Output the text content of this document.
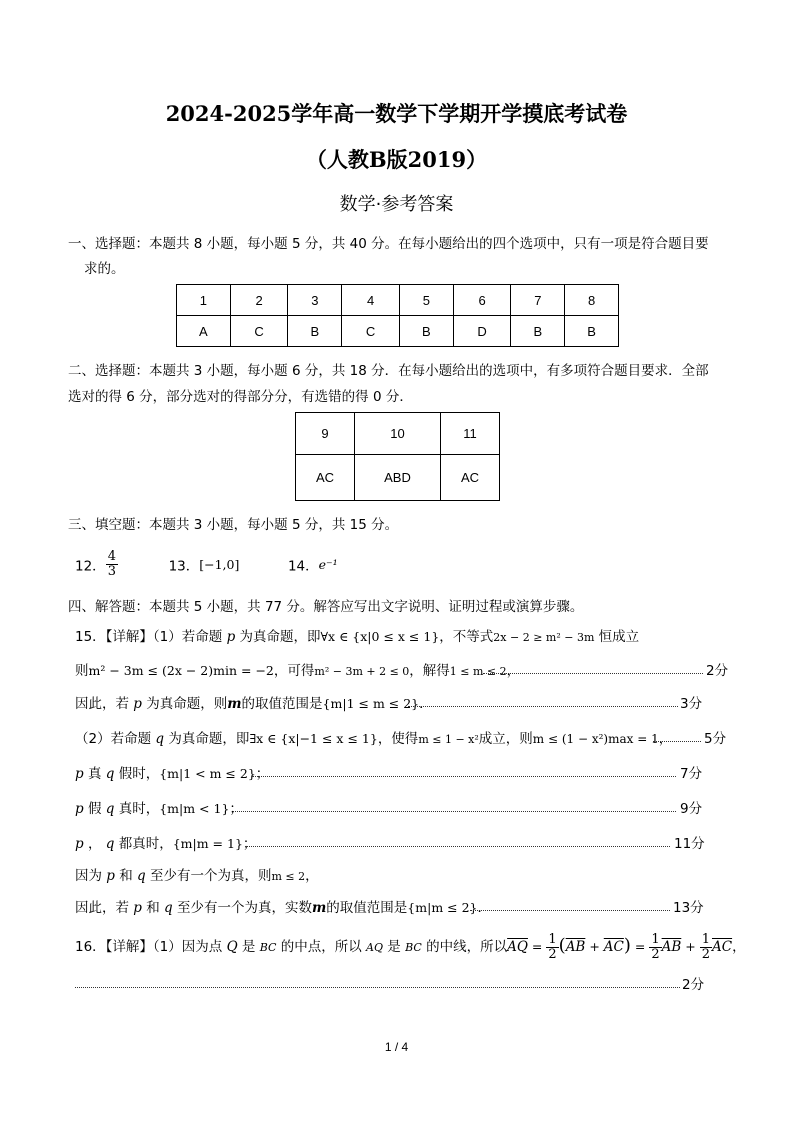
2024-2025学年高一数学下学期开学摸底考试卷
（人教B版2019）
数学·参考答案
一、选择题：本题共 8 小题，每小题 5 分，共 40 分。在每小题给出的四个选项中，只有一项是符合题目要
求的。
1	2	3	4	5	6	7	8
A	C	B	C	B	D	B	B
二、选择题：本题共 3 小题，每小题 6 分，共 18 分．在每小题给出的选项中，有多项符合题目要求．全部
选对的得 6 分，部分选对的得部分分，有选错的得 0 分．
9	10	11
AC	ABD	AC
三、填空题：本题共 3 小题，每小题 5 分，共 15 分。
12． $\frac{4}{3}$	13．[−1,0]	14．e⁻¹
四、解答题：本题共 5 小题，共 77 分。解答应写出文字说明、证明过程或演算步骤。
15．【详解】（1）若命题 p 为真命题，即∀x ∈ {x|0 ≤ x ≤ 1}，不等式2x − 2 ≥ m² − 3m 恒成立
则m² − 3m ≤ (2x − 2)min = −2，可得m² − 3m + 2 ≤ 0，解得1 ≤ m ≤ 2，	2分
因此，若 p 为真命题，则m的取值范围是{m|1 ≤ m ≤ 2}．	3分
（2）若命题 q 为真命题，即∃x ∈ {x|−1 ≤ x ≤ 1}，使得m ≤ 1 − x²成立，则m ≤ (1 − x²)max = 1， 5分
p 真 q 假时，{m|1 < m ≤ 2}；	7分
p 假 q 真时，{m|m < 1}；	9分
p ， q 都真时，{m|m = 1}；	11分
因为 p 和 q 至少有一个为真，则m ≤ 2，
因此，若 p 和 q 至少有一个为真，实数m的取值范围是{m|m ≤ 2}．	13分
16．【详解】（1）因为点 Q 是 BC 的中点，所以 AQ 是 BC 的中线，所以$\overline{AQ} = \frac{1}{2} (\overline{AB} + \overline{AC}) = \frac{1}{2} \overline{AB} + \frac{1}{2} \overline{AC}$，
2分
1 / 4
